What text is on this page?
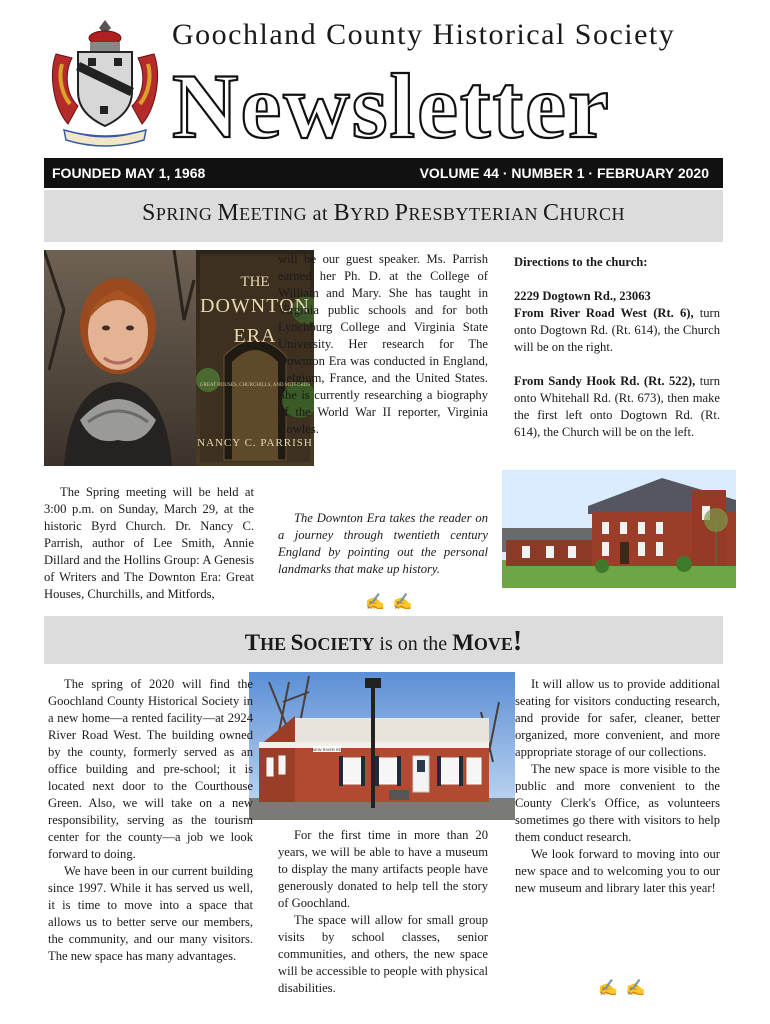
Goochland County Historical Society
Newsletter
FOUNDED MAY 1, 1968	VOLUME 44 · NUMBER 1 · FEBRUARY 2020
SPRING MEETING at BYRD PRESBYTERIAN CHURCH
THE
DOWNTON
ERA
GREAT HOUSES, CHURCHILLS, AND MITFORDS
NANCY C. PARRISH

The Spring meeting will be held at 3:00 p.m. on Sunday, March 29, at the historic Byrd Church. Dr. Nancy C. Parrish, author of Lee Smith, Annie Dillard and the Hollins Group: A Genesis of Writers and The Downton Era: Great Houses, Churchills, and Mitfords,

will be our guest speaker. Ms. Parrish earned her Ph. D. at the College of William and Mary. She has taught in Virginia public schools and for both Lynchburg College and Virginia State University. Her research for The Downton Era was conducted in England, Belgium, France, and the United States. She is currently researching a biography of the World War II reporter, Virginia Cowles.

The Downton Era takes the reader on a journey through twentieth century England by pointing out the personal landmarks that make up history.

✍ ✍

Directions to the church:

2229 Dogtown Rd., 23063

From River Road West (Rt. 6), turn onto Dogtown Rd. (Rt. 614), the Church will be on the right.

From Sandy Hook Rd. (Rt. 522), turn onto Whitehall Rd. (Rt. 673), then make the first left onto Dogtown Rd. (Rt. 614), the Church will be on the left.

THE SOCIETY is on the MOVE!
NEW RIVER RD

The spring of 2020 will find the Goochland County Historical Society in a new home—a rented facility—at 2924 River Road West. The building owned by the county, formerly served as an office building and pre-school; it is located next door to the Courthouse Green. Also, we will take on a new responsibility, serving as the tourism center for the county—a job we look forward to doing.

We have been in our current building since 1997. While it has served us well, it is time to move into a space that allows us to better serve our members, the community, and our many visitors. The new space has many advantages.

For the first time in more than 20 years, we will be able to have a museum to display the many artifacts people have generously donated to help tell the story of Goochland.

The space will allow for small group visits by school classes, senior communities, and others, the new space will be accessible to people with physical disabilities.

It will allow us to provide additional seating for visitors conducting research, and provide for safer, cleaner, better organized, more convenient, and more appropriate storage of our collections.

The new space is more visible to the public and more convenient to the County Clerk's Office, as volunteers sometimes go there with visitors to help them conduct research.

We look forward to moving into our new space and to welcoming you to our new museum and library later this year!

✍ ✍
